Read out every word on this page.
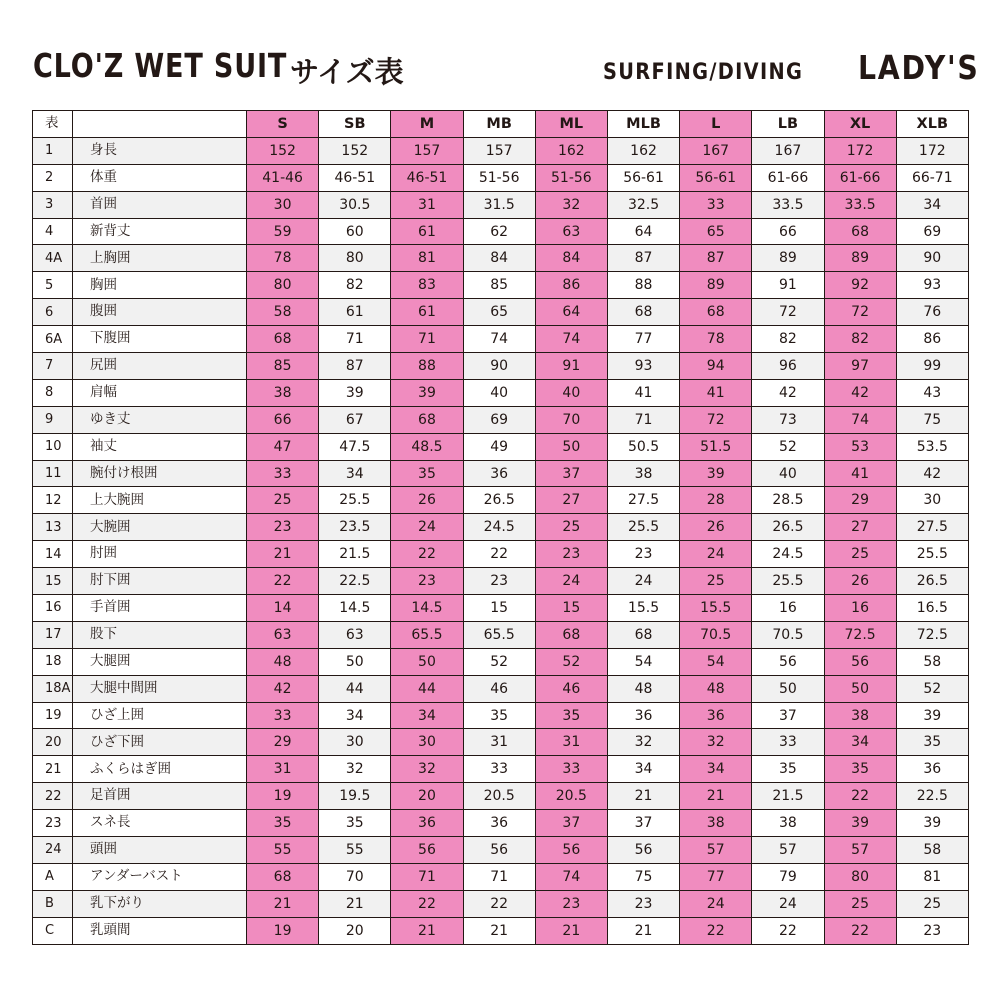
CLO'Z WET SUIT サイズ表	SURFING/DIVING LADY'S
表		S	SB	M	MB	ML	MLB	L	LB	XL	XLB
1	身長	152	152	157	157	162	162	167	167	172	172
2	体重	41-46	46-51	46-51	51-56	51-56	56-61	56-61	61-66	61-66	66-71
3	首囲	30	30.5	31	31.5	32	32.5	33	33.5	33.5	34
4	新背丈	59	60	61	62	63	64	65	66	68	69
4A	上胸囲	78	80	81	84	84	87	87	89	89	90
5	胸囲	80	82	83	85	86	88	89	91	92	93
6	腹囲	58	61	61	65	64	68	68	72	72	76
6A	下腹囲	68	71	71	74	74	77	78	82	82	86
7	尻囲	85	87	88	90	91	93	94	96	97	99
8	肩幅	38	39	39	40	40	41	41	42	42	43
9	ゆき丈	66	67	68	69	70	71	72	73	74	75
10	袖丈	47	47.5	48.5	49	50	50.5	51.5	52	53	53.5
11	腕付け根囲	33	34	35	36	37	38	39	40	41	42
12	上大腕囲	25	25.5	26	26.5	27	27.5	28	28.5	29	30
13	大腕囲	23	23.5	24	24.5	25	25.5	26	26.5	27	27.5
14	肘囲	21	21.5	22	22	23	23	24	24.5	25	25.5
15	肘下囲	22	22.5	23	23	24	24	25	25.5	26	26.5
16	手首囲	14	14.5	14.5	15	15	15.5	15.5	16	16	16.5
17	股下	63	63	65.5	65.5	68	68	70.5	70.5	72.5	72.5
18	大腿囲	48	50	50	52	52	54	54	56	56	58
18A	大腿中間囲	42	44	44	46	46	48	48	50	50	52
19	ひざ上囲	33	34	34	35	35	36	36	37	38	39
20	ひざ下囲	29	30	30	31	31	32	32	33	34	35
21	ふくらはぎ囲	31	32	32	33	33	34	34	35	35	36
22	足首囲	19	19.5	20	20.5	20.5	21	21	21.5	22	22.5
23	スネ長	35	35	36	36	37	37	38	38	39	39
24	頭囲	55	55	56	56	56	56	57	57	57	58
A	アンダーバスト	68	70	71	71	74	75	77	79	80	81
B	乳下がり	21	21	22	22	23	23	24	24	25	25
C	乳頭間	19	20	21	21	21	21	22	22	22	23
